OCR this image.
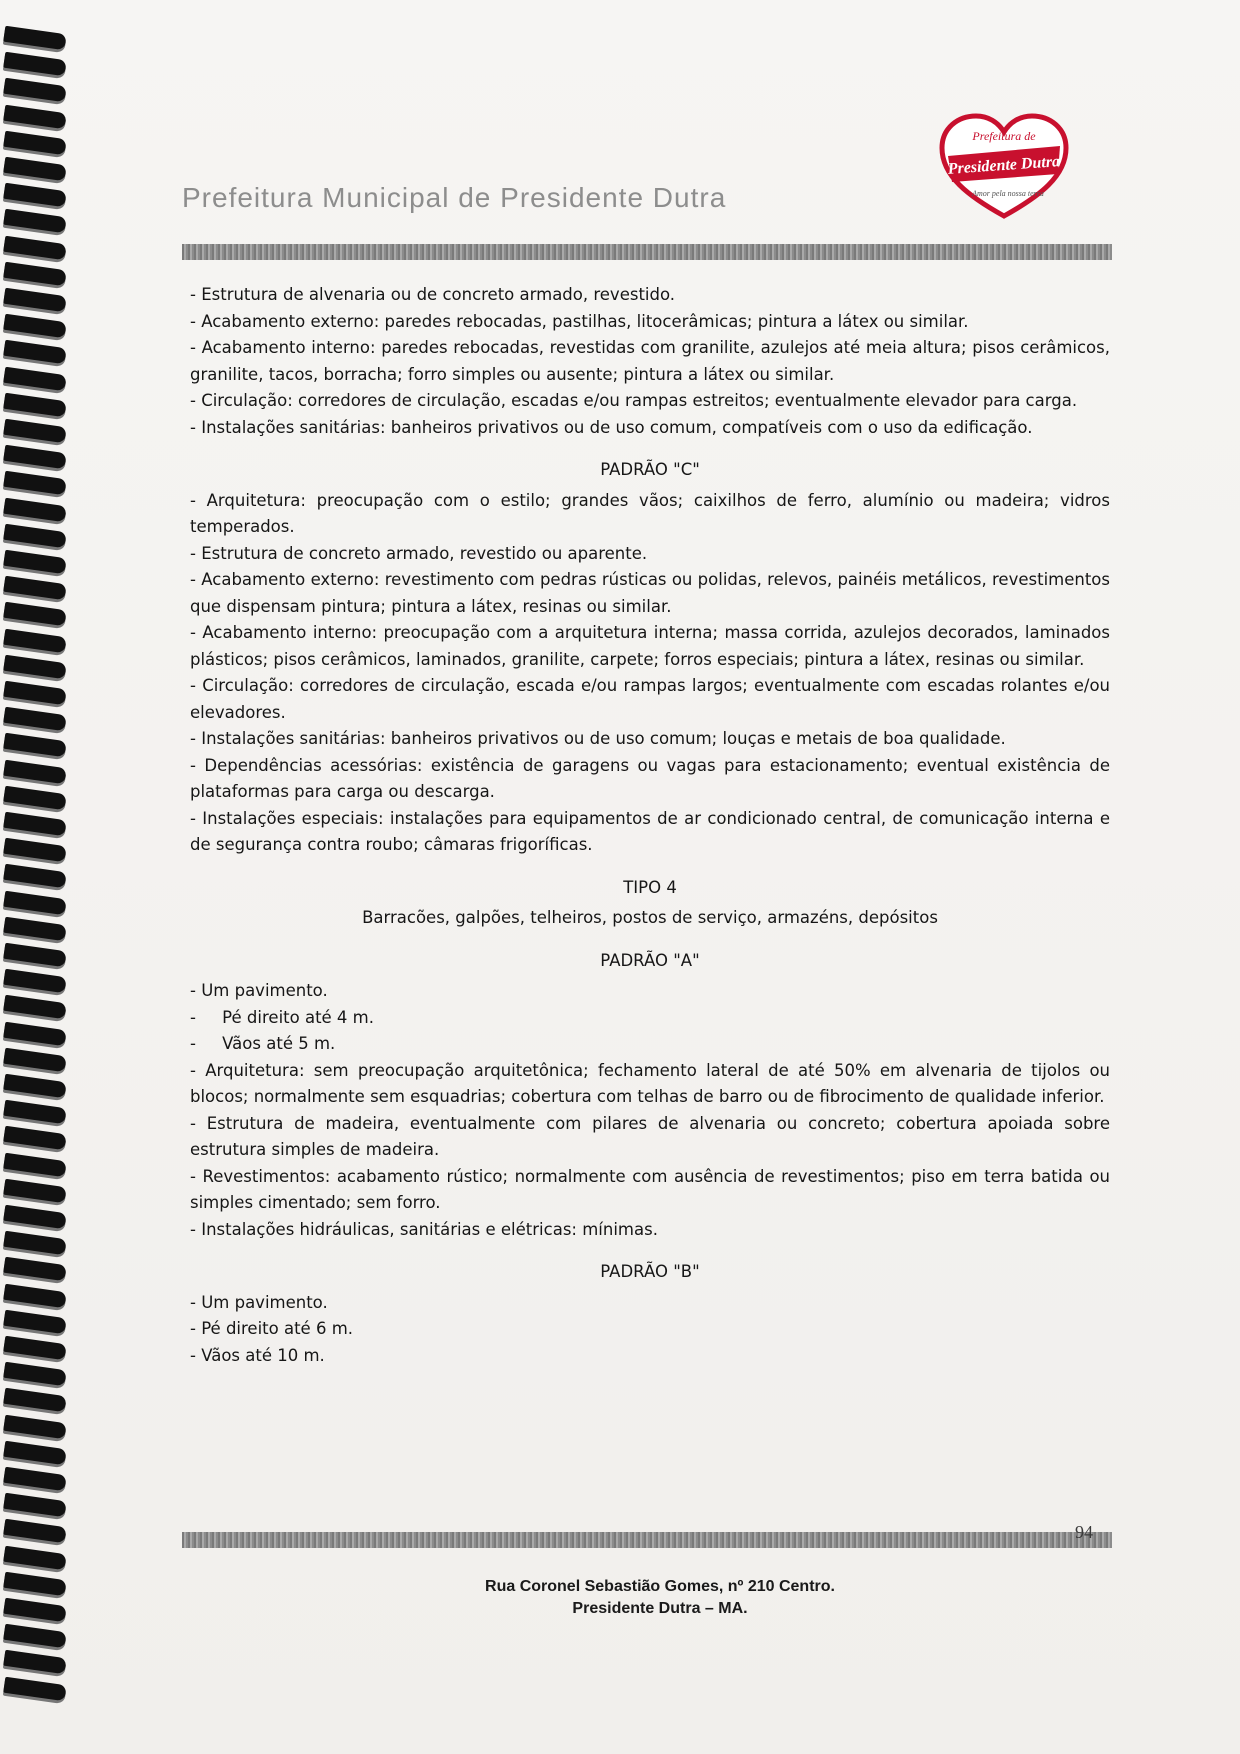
Prefeitura Municipal de Presidente Dutra
Prefeitura de
Presidente Dutra
Amor pela nossa terra

- Estrutura de alvenaria ou de concreto armado, revestido.

- Acabamento externo: paredes rebocadas, pastilhas, litocerâmicas; pintura a látex ou similar.

- Acabamento interno: paredes rebocadas, revestidas com granilite, azulejos até meia altura; pisos cerâmicos, granilite, tacos, borracha; forro simples ou ausente; pintura a látex ou similar.

- Circulação: corredores de circulação, escadas e/ou rampas estreitos; eventualmente elevador para carga.

- Instalações sanitárias: banheiros privativos ou de uso comum, compatíveis com o uso da edificação.

PADRÃO "C"

- Arquitetura: preocupação com o estilo; grandes vãos; caixilhos de ferro, alumínio ou madeira; vidros temperados.

- Estrutura de concreto armado, revestido ou aparente.

- Acabamento externo: revestimento com pedras rústicas ou polidas, relevos, painéis metálicos, revestimentos que dispensam pintura; pintura a látex, resinas ou similar.

- Acabamento interno: preocupação com a arquitetura interna; massa corrida, azulejos decorados, laminados plásticos; pisos cerâmicos, laminados, granilite, carpete; forros especiais; pintura a látex, resinas ou similar.

- Circulação: corredores de circulação, escada e/ou rampas largos; eventualmente com escadas rolantes e/ou elevadores.

- Instalações sanitárias: banheiros privativos ou de uso comum; louças e metais de boa qualidade.

- Dependências acessórias: existência de garagens ou vagas para estacionamento; eventual existência de plataformas para carga ou descarga.

- Instalações especiais: instalações para equipamentos de ar condicionado central, de comunicação interna e de segurança contra roubo; câmaras frigoríficas.

TIPO 4

Barracões, galpões, telheiros, postos de serviço, armazéns, depósitos

PADRÃO "A"

- Um pavimento.

-     Pé direito até 4 m.

-     Vãos até 5 m.

- Arquitetura: sem preocupação arquitetônica; fechamento lateral de até 50% em alvenaria de tijolos ou blocos; normalmente sem esquadrias; cobertura com telhas de barro ou de fibrocimento de qualidade inferior.

- Estrutura de madeira, eventualmente com pilares de alvenaria ou concreto; cobertura apoiada sobre estrutura simples de madeira.

- Revestimentos: acabamento rústico; normalmente com ausência de revestimentos; piso em terra batida ou simples cimentado; sem forro.

- Instalações hidráulicas, sanitárias e elétricas: mínimas.

PADRÃO "B"

- Um pavimento.

- Pé direito até 6 m.

- Vãos até 10 m.

94
Rua Coronel Sebastião Gomes, nº 210 Centro.
Presidente Dutra – MA.
